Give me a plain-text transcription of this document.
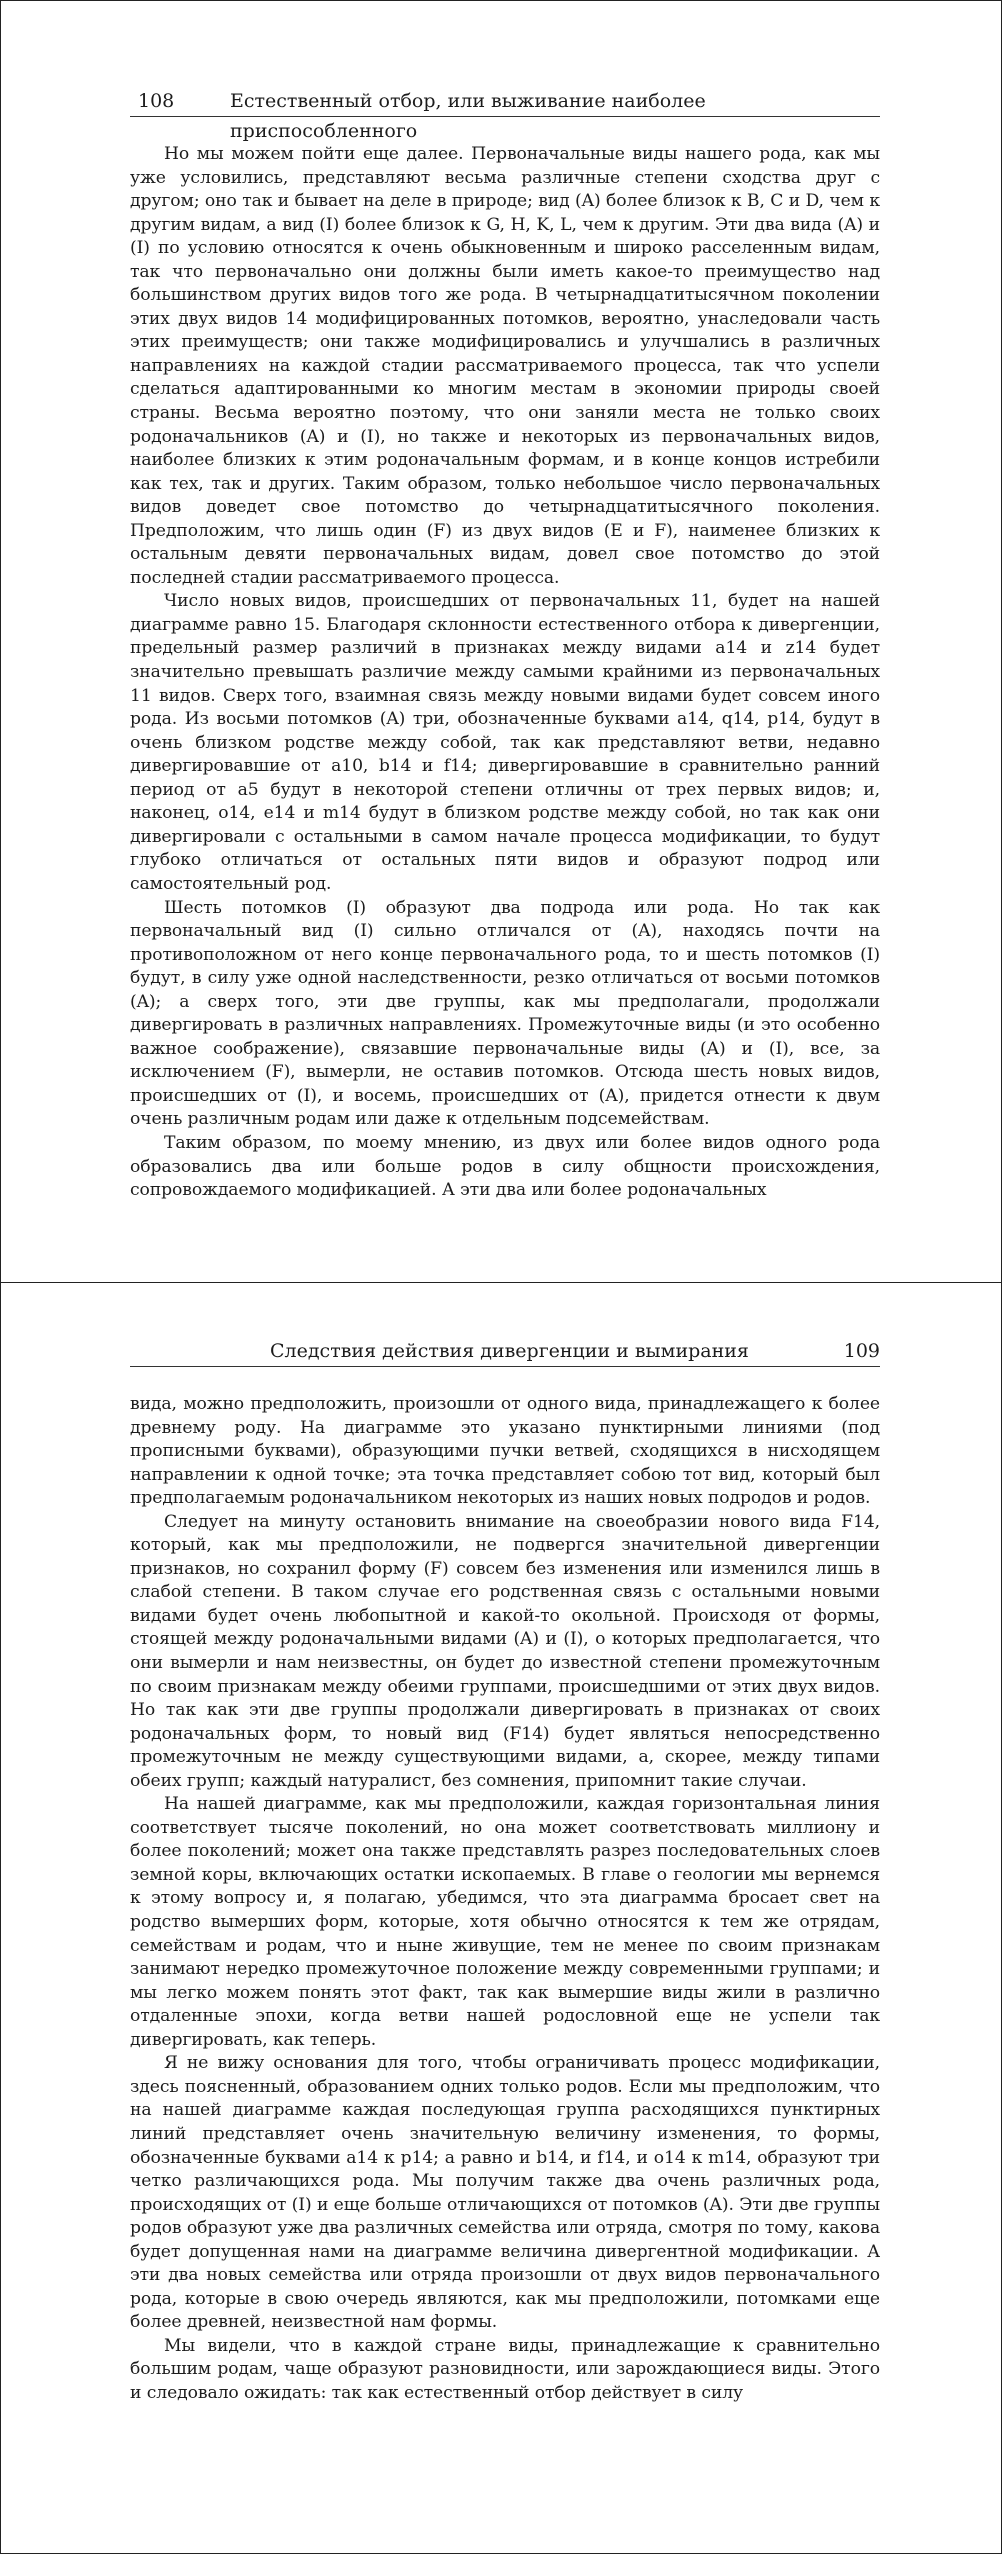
108	Естественный отбор, или выживание наиболее приспособленного

Но мы можем пойти еще далее. Первоначальные виды нашего рода, как мы уже условились, представляют весьма различные степени сходства друг с другом; оно так и бывает на деле в природе; вид (A) более близок к B, C и D, чем к другим видам, а вид (I) более близок к G, H, K, L, чем к другим. Эти два вида (A) и (I) по условию относятся к очень обыкновенным и широко расселенным видам, так что первоначально они должны были иметь какое-то преимущество над большинством других видов того же рода. В четырнадцатитысячном поколении этих двух видов 14 модифицированных потомков, вероятно, унаследовали часть этих преимуществ; они также модифицировались и улучшались в различных направлениях на каждой стадии рассматриваемого процесса, так что успели сделаться адаптированными ко многим местам в экономии природы своей страны. Весьма вероятно поэтому, что они заняли места не только своих родоначальников (A) и (I), но также и некоторых из первоначальных видов, наиболее близких к этим родоначальным формам, и в конце концов истребили как тех, так и других. Таким образом, только небольшое число первоначальных видов доведет свое потомство до четырнадцатитысячного поколения. Предположим, что лишь один (F) из двух видов (E и F), наименее близких к остальным девяти первоначальных видам, довел свое потомство до этой последней стадии рассматриваемого процесса.

Число новых видов, происшедших от первоначальных 11, будет на нашей диаграмме равно 15. Благодаря склонности естественного отбора к дивергенции, предельный размер различий в признаках между видами a14 и z14 будет значительно превышать различие между самыми крайними из первоначальных 11 видов. Сверх того, взаимная связь между новыми видами будет совсем иного рода. Из восьми потомков (A) три, обозначенные буквами a14, q14, p14, будут в очень близком родстве между собой, так как представляют ветви, недавно дивергировавшие от a10, b14 и f14; дивергировавшие в сравнительно ранний период от a5 будут в некоторой степени отличны от трех первых видов; и, наконец, o14, e14 и m14 будут в близком родстве между собой, но так как они дивергировали с остальными в самом начале процесса модификации, то будут глубоко отличаться от остальных пяти видов и образуют подрод или самостоятельный род.

Шесть потомков (I) образуют два подрода или рода. Но так как первоначальный вид (I) сильно отличался от (A), находясь почти на противоположном от него конце первоначального рода, то и шесть потомков (I) будут, в силу уже одной наследственности, резко отличаться от восьми потомков (A); а сверх того, эти две группы, как мы предполагали, продолжали дивергировать в различных направлениях. Промежуточные виды (и это особенно важное соображение), связавшие первоначальные виды (A) и (I), все, за исключением (F), вымерли, не оставив потомков. Отсюда шесть новых видов, происшедших от (I), и восемь, происшедших от (A), придется отнести к двум очень различным родам или даже к отдельным подсемействам.

Таким образом, по моему мнению, из двух или более видов одного рода образовались два или больше родов в силу общности происхождения, сопровождаемого модификацией. А эти два или более родоначальных

Следствия действия дивергенции и вымирания	109

вида, можно предположить, произошли от одного вида, принадлежащего к более древнему роду. На диаграмме это указано пунктирными линиями (под прописными буквами), образующими пучки ветвей, сходящихся в нисходящем направлении к одной точке; эта точка представляет собою тот вид, который был предполагаемым родоначальником некоторых из наших новых подродов и родов.

Следует на минуту остановить внимание на своеобразии нового вида F14, который, как мы предположили, не подвергся значительной дивергенции признаков, но сохранил форму (F) совсем без изменения или изменился лишь в слабой степени. В таком случае его родственная связь с остальными новыми видами будет очень любопытной и какой-то окольной. Происходя от формы, стоящей между родоначальными видами (A) и (I), о которых предполагается, что они вымерли и нам неизвестны, он будет до известной степени промежуточным по своим признакам между обеими группами, происшедшими от этих двух видов. Но так как эти две группы продолжали дивергировать в признаках от своих родоначальных форм, то новый вид (F14) будет являться непосредственно промежуточным не между существующими видами, а, скорее, между типами обеих групп; каждый натуралист, без сомнения, припомнит такие случаи.

На нашей диаграмме, как мы предположили, каждая горизонтальная линия соответствует тысяче поколений, но она может соответствовать миллиону и более поколений; может она также представлять разрез последовательных слоев земной коры, включающих остатки ископаемых. В главе о геологии мы вернемся к этому вопросу и, я полагаю, убедимся, что эта диаграмма бросает свет на родство вымерших форм, которые, хотя обычно относятся к тем же отрядам, семействам и родам, что и ныне живущие, тем не менее по своим признакам занимают нередко промежуточное положение между современными группами; и мы легко можем понять этот факт, так как вымершие виды жили в различно отдаленные эпохи, когда ветви нашей родословной еще не успели так дивергировать, как теперь.

Я не вижу основания для того, чтобы ограничивать процесс модификации, здесь поясненный, образованием одних только родов. Если мы предположим, что на нашей диаграмме каждая последующая группа расходящихся пунктирных линий представляет очень значительную величину изменения, то формы, обозначенные буквами a14 к p14; а равно и b14, и f14, и o14 к m14, образуют три четко различающихся рода. Мы получим также два очень различных рода, происходящих от (I) и еще больше отличающихся от потомков (A). Эти две группы родов образуют уже два различных семейства или отряда, смотря по тому, какова будет допущенная нами на диаграмме величина дивергентной модификации. А эти два новых семейства или отряда произошли от двух видов первоначального рода, которые в свою очередь являются, как мы предположили, потомками еще более древней, неизвестной нам формы.

Мы видели, что в каждой стране виды, принадлежащие к сравнительно большим родам, чаще образуют разновидности, или зарождающиеся виды. Этого и следовало ожидать: так как естественный отбор действует в силу
